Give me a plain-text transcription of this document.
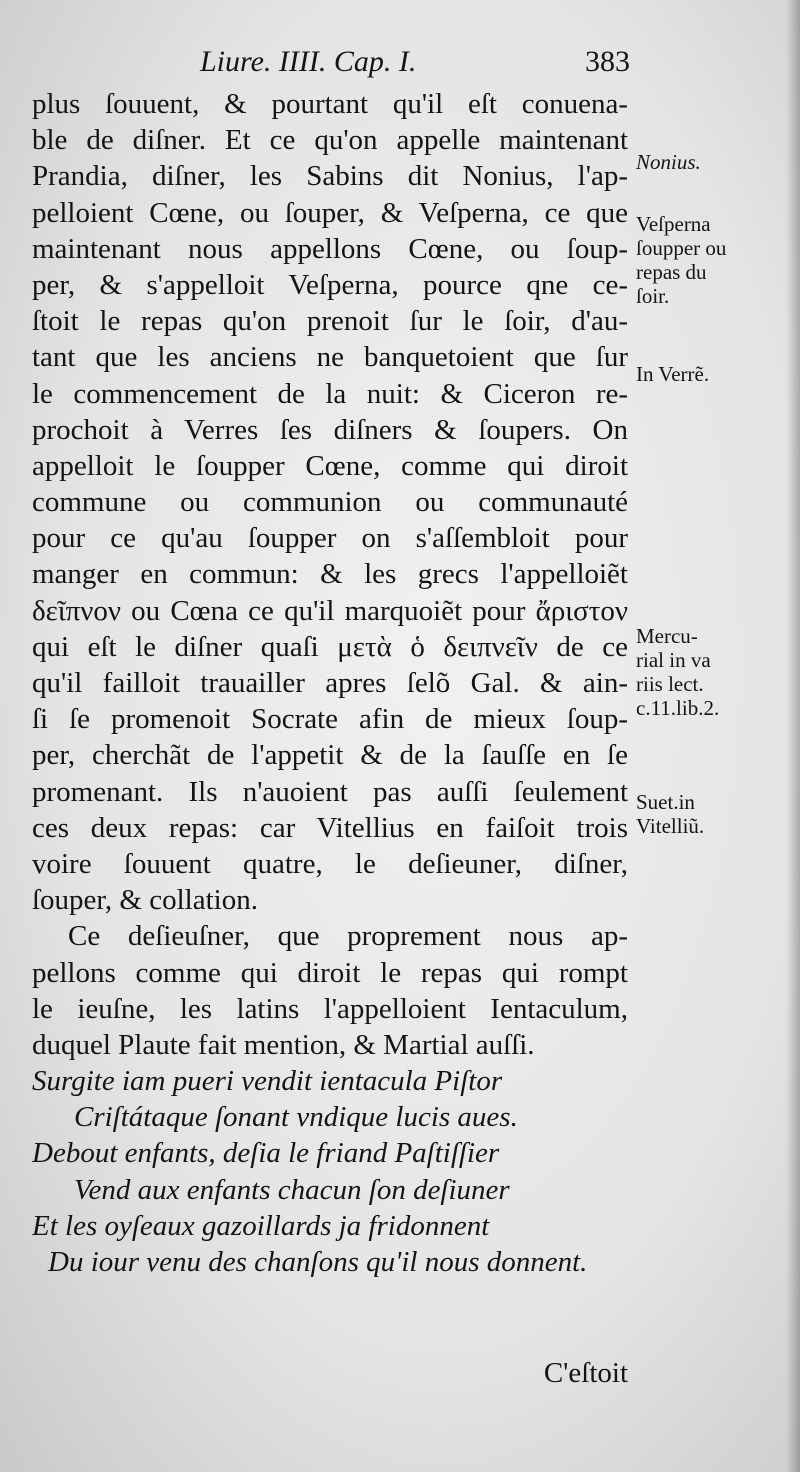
Liure. IIII. Cap. I.	383
plus ſouuent, & pourtant qu'il eſt conuena-
ble de diſner. Et ce qu'on appelle maintenant
Prandia, diſner, les Sabins dit Nonius, l'ap-
pelloient Cœne, ou ſouper, & Veſperna, ce que
maintenant nous appellons Cœne, ou ſoup-
per, & s'appelloit Veſperna, pource qne ce-
ſtoit le repas qu'on prenoit ſur le ſoir, d'au-
tant que les anciens ne banquetoient que ſur
le commencement de la nuit: & Ciceron re-
prochoit à Verres ſes diſners & ſoupers. On
appelloit le ſoupper Cœne, comme qui diroit
commune ou communion ou communauté
pour ce qu'au ſoupper on s'aſſembloit pour
manger en commun: & les grecs l'appelloiẽt
δεῖπνον ou Cœna ce qu'il marquoiẽt pour ἄριστον
qui eſt le diſner quaſi μετὰ ὁ δειπνεῖν de ce
qu'il failloit trauailler apres ſelõ Gal. & ain-
ſi ſe promenoit Socrate afin de mieux ſoup-
per, cherchãt de l'appetit & de la ſauſſe en ſe
promenant. Ils n'auoient pas auſſi ſeulement
ces deux repas: car Vitellius en faiſoit trois
voire ſouuent quatre, le deſieuner, diſner,
ſouper, & collation.
Ce deſieuſner, que proprement nous ap-
pellons comme qui diroit le repas qui rompt
le ieuſne, les latins l'appelloient Ientaculum,
duquel Plaute fait mention, & Martial auſſi.
Surgite iam pueri vendit ientacula Piſtor
Criſtátaque ſonant vndique lucis aues.
Debout enfants, deſia le friand Paſtiſſier
Vend aux enfants chacun ſon deſiuner
Et les oyſeaux gazoillards ja fridonnent
Du iour venu des chanſons qu'il nous donnent.
C'eſtoit
Nonius.
Veſperna
ſoupper ou
repas du
ſoir.
In Verrẽ.
Mercu-
rial in va
riis lect.
c.11.lib.2.
Suet.in
Vitelliũ.
